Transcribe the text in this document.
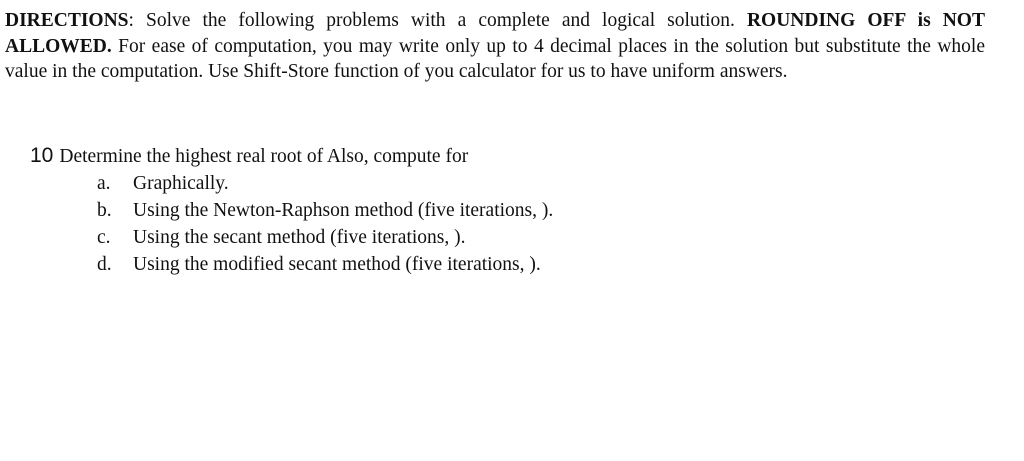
DIRECTIONS: Solve the following problems with a complete and logical solution. ROUNDING OFF is NOT ALLOWED. For ease of computation, you may write only up to 4 decimal places in the solution but substitute the whole value in the computation. Use Shift-Store function of you calculator for us to have uniform answers.
10 Determine the highest real root of Also, compute for
a. Graphically.
b. Using the Newton-Raphson method (five iterations, ).
c. Using the secant method (five iterations, ).
d. Using the modified secant method (five iterations, ).
